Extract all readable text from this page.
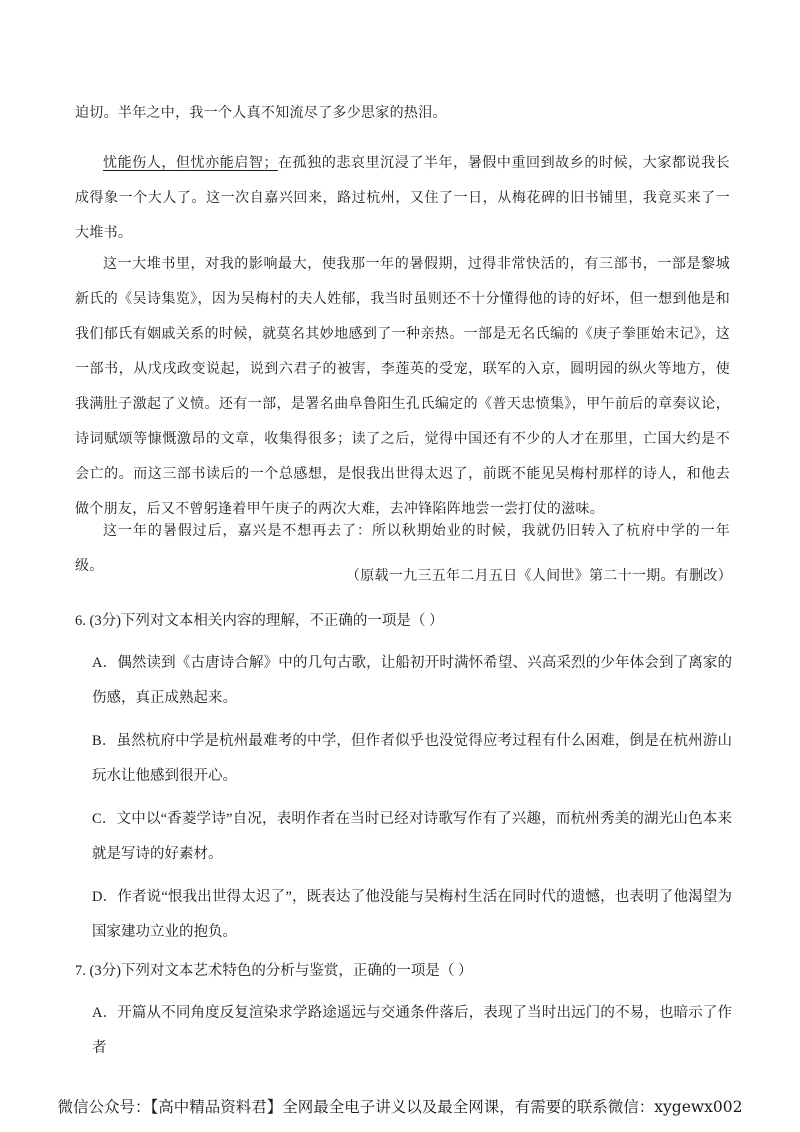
迫切。半年之中，我一个人真不知流尽了多少思家的热泪。

忧能伤人，但忧亦能启智；在孤独的悲哀里沉浸了半年，暑假中重回到故乡的时候，大家都说我长成得象一个大人了。这一次自嘉兴回来，路过杭州，又住了一日，从梅花碑的旧书铺里，我竟买来了一大堆书。

这一大堆书里，对我的影响最大，使我那一年的暑假期，过得非常快活的，有三部书，一部是黎城新氏的《吴诗集览》，因为吴梅村的夫人姓郁，我当时虽则还不十分懂得他的诗的好坏，但一想到他是和我们郁氏有姻戚关系的时候，就莫名其妙地感到了一种亲热。一部是无名氏编的《庚子拳匪始末记》，这一部书，从戊戌政变说起，说到六君子的被害，李莲英的受宠，联军的入京，圆明园的纵火等地方，使我满肚子激起了义愤。还有一部，是署名曲阜鲁阳生孔氏编定的《普天忠愤集》，甲午前后的章奏议论，诗词赋颂等慷慨激昂的文章，收集得很多；读了之后，觉得中国还有不少的人才在那里，亡国大约是不会亡的。而这三部书读后的一个总感想，是恨我出世得太迟了，前既不能见吴梅村那样的诗人，和他去做个朋友，后又不曾躬逢着甲午庚子的两次大难，去冲锋陷阵地尝一尝打仗的滋味。

这一年的暑假过后，嘉兴是不想再去了：所以秋期始业的时候，我就仍旧转入了杭府中学的一年级。

（原载一九三五年二月五日《人间世》第二十一期。有删改）

6. (3分)下列对文本相关内容的理解，不正确的一项是（ ）

A．偶然读到《古唐诗合解》中的几句古歌，让船初开时满怀希望、兴高采烈的少年体会到了离家的伤感，真正成熟起来。

B．虽然杭府中学是杭州最难考的中学，但作者似乎也没觉得应考过程有什么困难，倒是在杭州游山玩水让他感到很开心。

C．文中以“香菱学诗”自况，表明作者在当时已经对诗歌写作有了兴趣，而杭州秀美的湖光山色本来就是写诗的好素材。

D．作者说“恨我出世得太迟了”，既表达了他没能与吴梅村生活在同时代的遗憾，也表明了他渴望为国家建功立业的抱负。

7. (3分)下列对文本艺术特色的分析与鉴赏，正确的一项是（ ）

A．开篇从不同角度反复渲染求学路途遥远与交通条件落后，表现了当时出远门的不易，也暗示了作者

微信公众号：【高中精品资料君】全网最全电子讲义以及最全网课，有需要的联系微信：xygewx002
